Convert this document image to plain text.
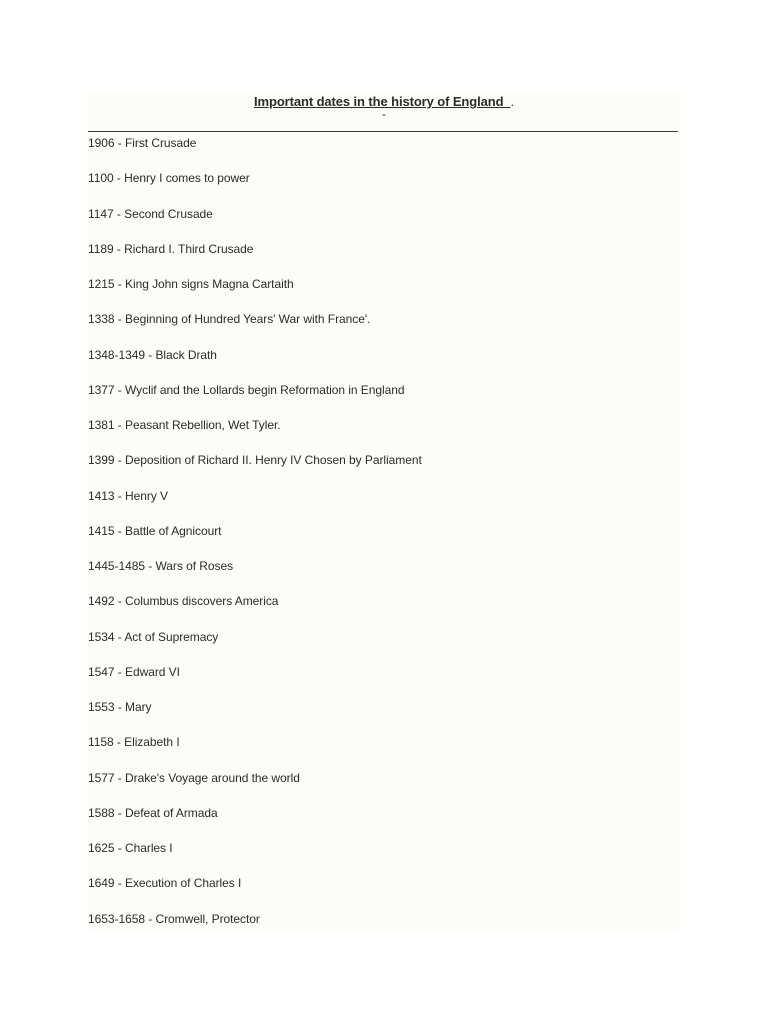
Important dates in the history of England .
-
1906 - First Crusade
1100 - Henry I comes to power
1147 - Second Crusade
1189 - Richard I. Third Crusade
1215 - King John signs Magna Cartaith
1338 - Beginning of Hundred Years' War with France'.
1348-1349 - Black Drath
1377 - Wyclif and the Lollards begin Reformation in England
1381 - Peasant Rebellion, Wet Tyler.
1399 - Deposition of Richard II. Henry IV Chosen by Parliament
1413 - Henry V
1415 - Battle of Agnicourt
1445-1485 - Wars of Roses
1492 - Columbus discovers America
1534 - Act of Supremacy
1547 - Edward VI
1553 - Mary
1158 - Elizabeth I
1577 - Drake's Voyage around the world
1588 - Defeat of Armada
1625 - Charles I
1649 - Execution of Charles I
1653-1658 - Cromwell, Protector
